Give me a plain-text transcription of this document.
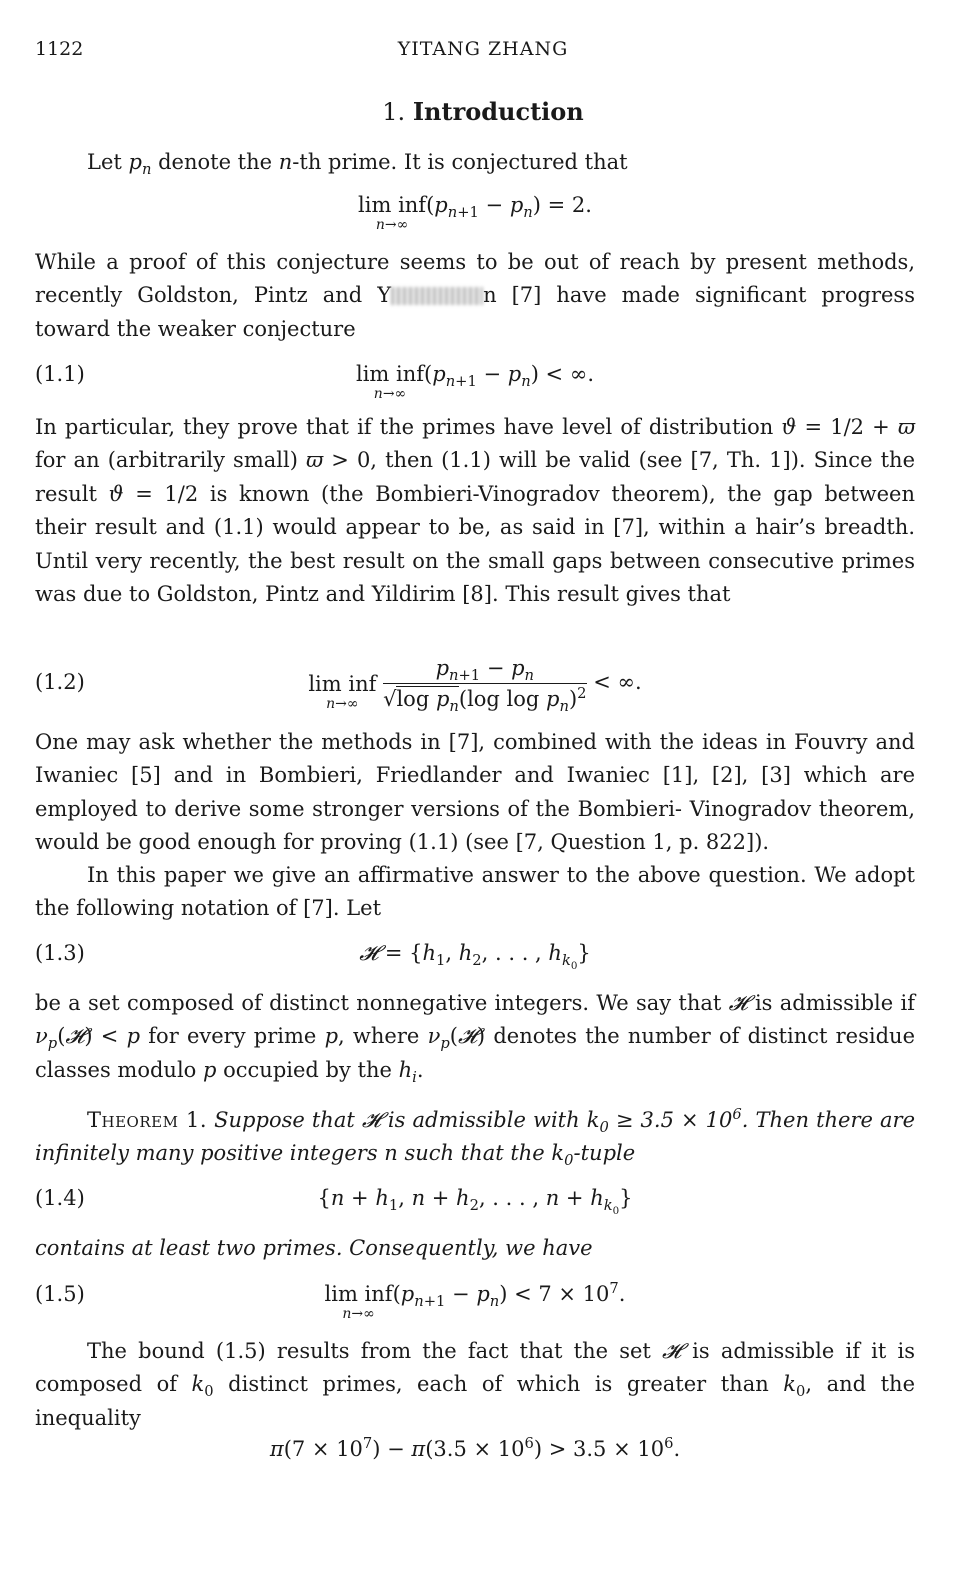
1122	YITANG ZHANG
1. Introduction

Let $p_n$ denote the n-th prime. It is conjectured that

lim inf
n→∞
$(p_{n+1} - p_n) = 2$.

While a proof of this conjecture seems to be out of reach by present methods, recently Goldston, Pintz and Y	n [7] have made significant progress toward the weaker conjecture

(1.1)	lim inf
n→∞
$(p_{n+1} - p_n)$ < ∞.

In particular, they prove that if the primes have level of distribution ϑ = 1/2 + ϖ for an (arbitrarily small) ϖ > 0, then (1.1) will be valid (see [7, Th. 1]). Since the result ϑ = 1/2 is known (the Bombieri-Vinogradov theorem), the gap between their result and (1.1) would appear to be, as said in [7], within a hair’s breadth. Until very recently, the best result on the small gaps between consecutive primes was due to Goldston, Pintz and Yildirim [8]. This result gives that

(1.2)	lim inf
n→∞
	$\frac{p_{n+1} - p_n}{√\log p_n(\log \log p_n)^2}$ < ∞.

One may ask whether the methods in [7], combined with the ideas in Fouvry and Iwaniec [5] and in Bombieri, Friedlander and Iwaniec [1], [2], [3] which are employed to derive some stronger versions of the Bombieri- Vinogradov theorem, would be good enough for proving (1.1) (see [7, Question 1, p. 822]).

In this paper we give an affirmative answer to the above question. We adopt the following notation of [7]. Let

(1.3)	𝓗 = {$h_1$, $h_2$, . . . , $h_{k_0}$}

be a set composed of distinct nonnegative integers. We say that 𝓗 is admissible if $\nu_p(𝓗) < p$ for every prime p, where $\nu_p(𝓗)$ denotes the number of distinct residue classes modulo p occupied by the $h_i$.

Theorem 1. Suppose that 𝓗 is admissible with $k_0 \ge 3.5 \times 10^6$. Then there are infinitely many positive integers n such that the $k_0$-tuple

(1.4)	{$n + h_1$, $n + h_2$, . . . , $n + h_{k_0}$}

contains at least two primes. Consequently, we have

(1.5)	lim inf
n→∞
$(p_{n+1} - p_n) < 7 \times 10^7$.

The bound (1.5) results from the fact that the set 𝓗 is admissible if it is composed of $k_0$ distinct primes, each of which is greater than $k_0$, and the inequality

$\pi(7 \times 10^7) - \pi(3.5 \times 10^6) > 3.5 \times 10^6$.
